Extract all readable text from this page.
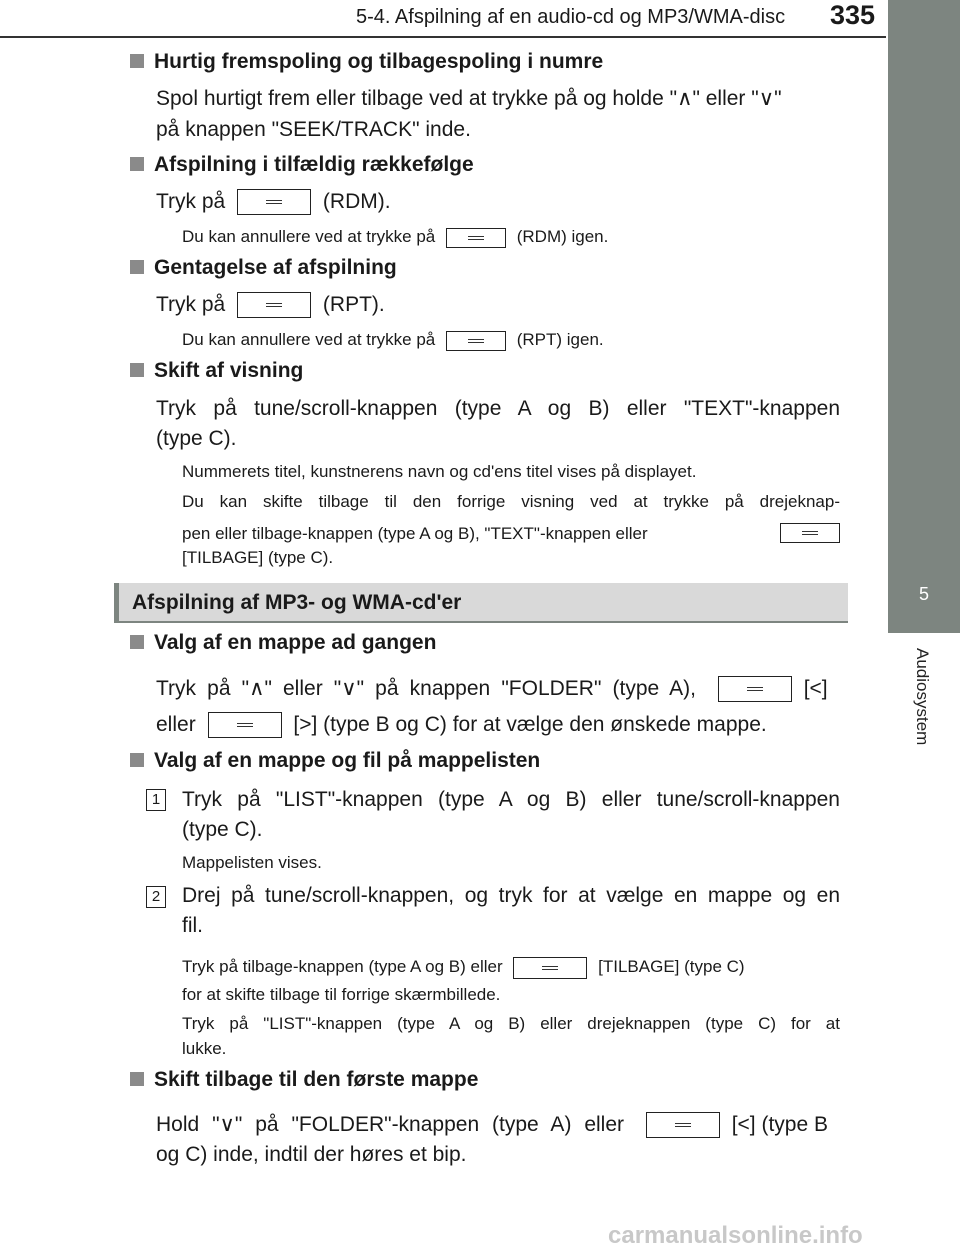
5-4. Afspilning af en audio-cd og MP3/WMA-disc 335
5
Audiosystem
Hurtig fremspoling og tilbagespoling i numre
Spol hurtigt frem eller tilbage ved at trykke på og holde "∧" eller "∨"
på knappen "SEEK/TRACK" inde.
Afspilning i tilfældig rækkefølge
Tryk på	(RDM).
Du kan annullere ved at trykke på	(RDM) igen.
Gentagelse af afspilning
Tryk på	(RPT).
Du kan annullere ved at trykke på	(RPT) igen.
Skift af visning
Tryk på tune/scroll-knappen (type A og B) eller "TEXT"-knappen
(type C).
Nummerets titel, kunstnerens navn og cd'ens titel vises på displayet.
Du kan skifte tilbage til den forrige visning ved at trykke på drejeknap-
pen eller tilbage-knappen (type A og B), "TEXT"-knappen eller
[TILBAGE] (type C).
Afspilning af MP3- og WMA-cd'er
Valg af en mappe ad gangen
Tryk på "∧" eller "∨" på knappen "FOLDER" (type A),	[<]
eller	[>] (type B og C) for at vælge den ønskede mappe.
Valg af en mappe og fil på mappelisten
1 Tryk på "LIST"-knappen (type A og B) eller tune/scroll-knappen
(type C).
Mappelisten vises.
2 Drej på tune/scroll-knappen, og tryk for at vælge en mappe og en
fil.
Tryk på tilbage-knappen (type A og B) eller	[TILBAGE] (type C)
for at skifte tilbage til forrige skærmbillede.
Tryk på "LIST"-knappen (type A og B) eller drejeknappen (type C) for at
lukke.
Skift tilbage til den første mappe
Hold "∨" på "FOLDER"-knappen (type A) eller	[<] (type B
og C) inde, indtil der høres et bip.
carmanualsonline.info
